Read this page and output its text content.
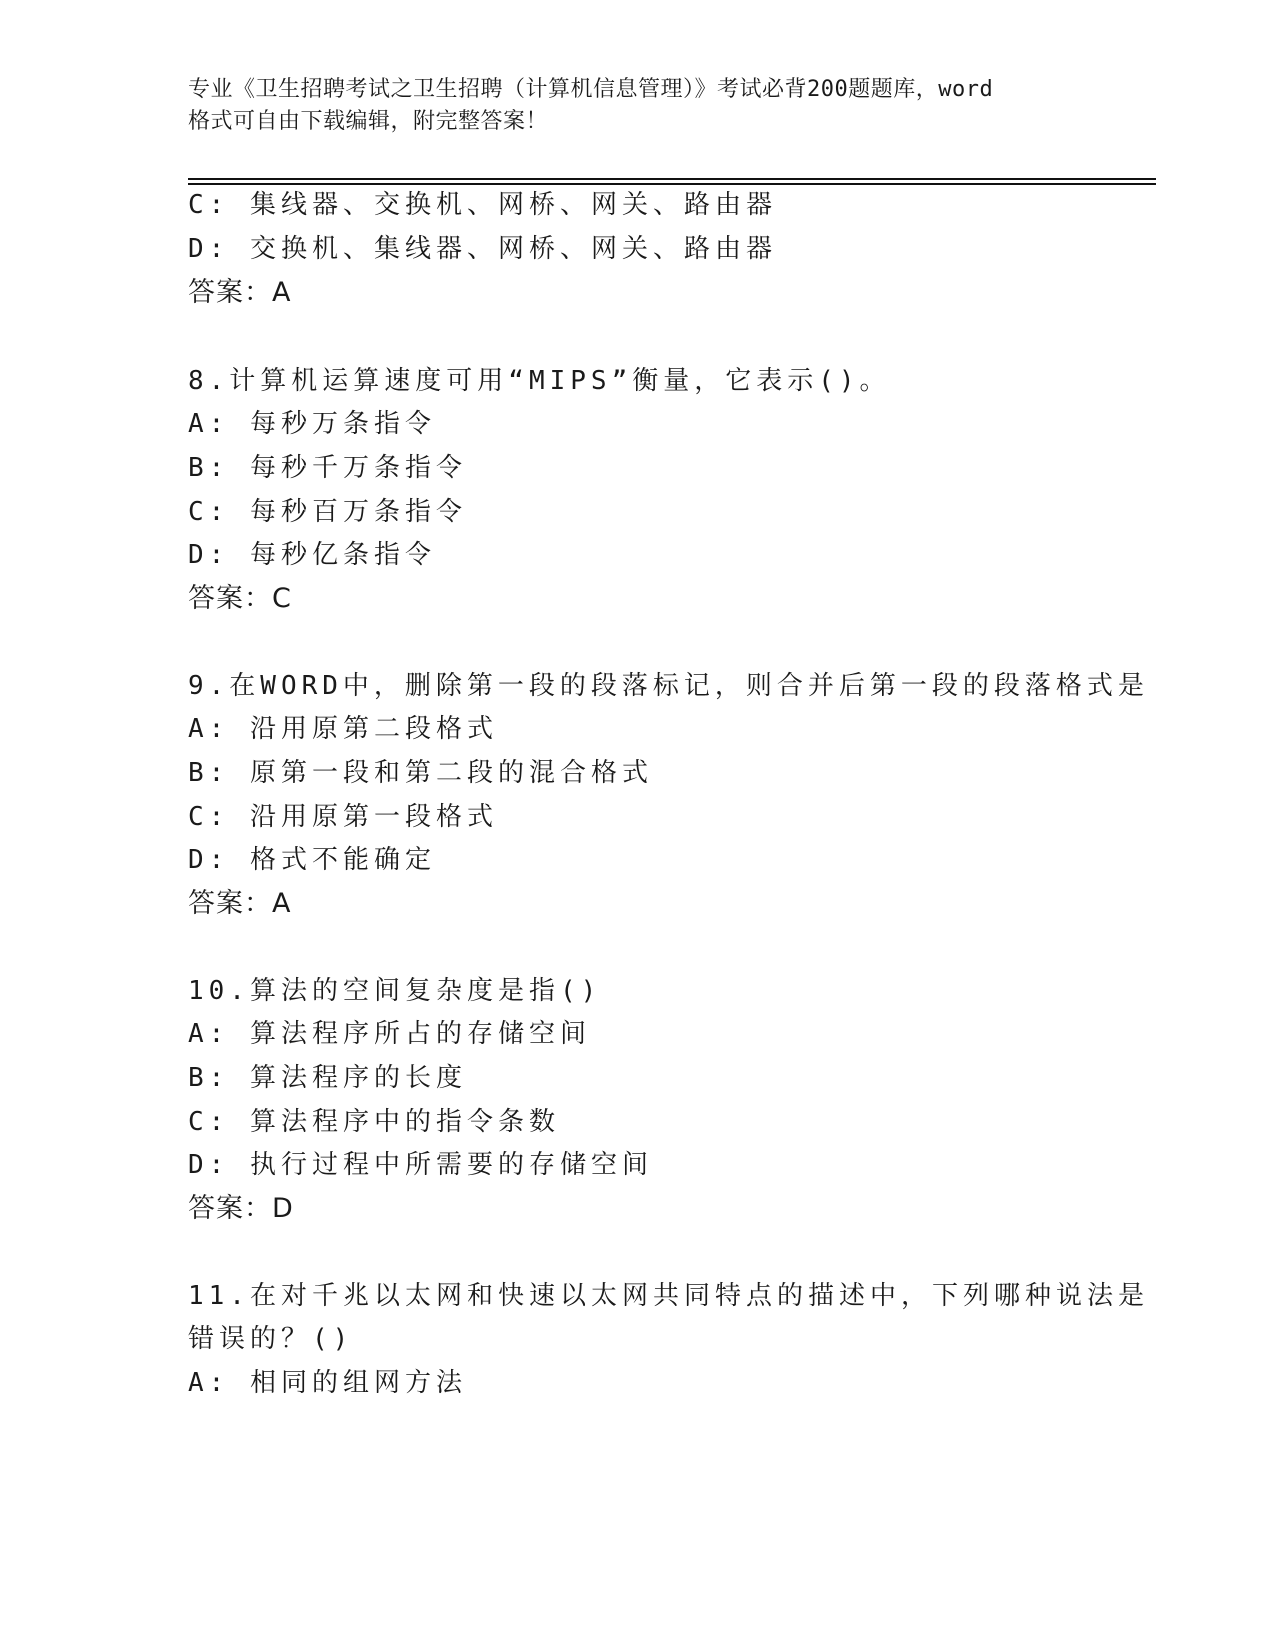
专业《卫生招聘考试之卫生招聘（计算机信息管理）》考试必背200题题库，word
格式可自由下载编辑，附完整答案！
C: 集线器、交换机、网桥、网关、路由器
D: 交换机、集线器、网桥、网关、路由器
答案：A
8.计算机运算速度可用“MIPS”衡量，它表示()。
A: 每秒万条指令
B: 每秒千万条指令
C: 每秒百万条指令
D: 每秒亿条指令
答案：C
9.在WORD中，删除第一段的段落标记，则合并后第一段的段落格式是
A: 沿用原第二段格式
B: 原第一段和第二段的混合格式
C: 沿用原第一段格式
D: 格式不能确定
答案：A
10.算法的空间复杂度是指()
A: 算法程序所占的存储空间
B: 算法程序的长度
C: 算法程序中的指令条数
D: 执行过程中所需要的存储空间
答案：D
11.在对千兆以太网和快速以太网共同特点的描述中，下列哪种说法是
错误的？()
A: 相同的组网方法
